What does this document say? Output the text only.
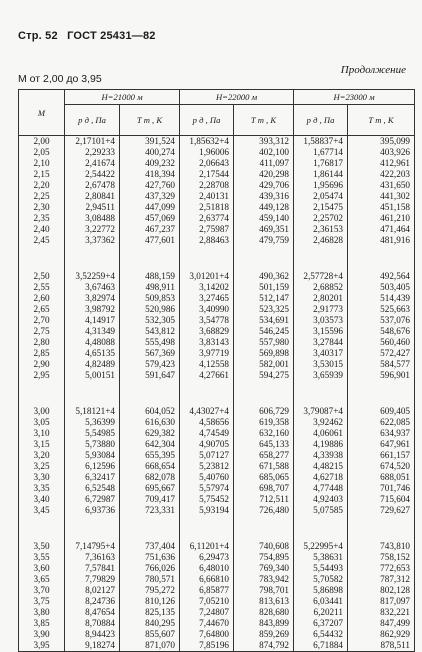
Стр. 52 ГОСТ 25431—82
Продолжение
М от 2,00 до 3,95
М	Н=21000 м		Н=22000 м		Н=23000 м	
	р д , Па	T т , К	р д , Па	T т , К	р д , Па	T т , К
2,00	2,17101+4	391,524	1,85632+4	393,312	1,58837+4	395,099
2,05	2,29233	400,274	1,96006	402,100	1,67714	403,926
2,10	2,41674	409,232	2,06643	411,097	1,76817	412,961
2,15	2,54422	418,394	2,17544	420,298	1,86144	422,203
2,20	2,67478	427,760	2,28708	429,706	1,95696	431,650
2,25	2,80841	437,329	2,40131	439,316	2,05474	441,302
2,30	2,94511	447,099	2,51818	449,128	2,15475	451,158
2,35	3,08488	457,069	2,63774	459,140	2,25702	461,210
2,40	3,22772	467,237	2,75987	469,351	2,36153	471,464
2,45	3,37362	477,601	2,88463	479,759	2,46828	481,916

2,50	3,52259+4	488,159	3,01201+4	490,362	2,57728+4	492,564
2,55	3,67463	498,911	3,14202	501,159	2,68852	503,405
2,60	3,82974	509,853	3,27465	512,147	2,80201	514,439
2,65	3,98792	520,986	3,40990	523,325	2,91773	525,663
2,70	4,14917	532,305	3,54778	534,691	3,03573	537,076
2,75	4,31349	543,812	3,68829	546,245	3,15596	548,676
2,80	4,48088	555,498	3,83143	557,980	3,27844	560,460
2,85	4,65135	567,369	3,97719	569,898	3,40317	572,427
2,90	4,82489	579,423	4,12558	582,001	3,53015	584,577
2,95	5,00151	591,647	4,27661	594,275	3,65939	596,901

3,00	5,18121+4	604,052	4,43027+4	606,729	3,79087+4	609,405
3,05	5,36399	616,630	4,58656	619,358	3,92462	622,085
3,10	5,54985	629,382	4,74549	632,160	4,06061	634,937
3,15	5,73880	642,304	4,90705	645,133	4,19886	647,961
3,20	5,93084	655,395	5,07127	658,277	4,33938	661,157
3,25	6,12596	668,654	5,23812	671,588	4,48215	674,520
3,30	6,32417	682,078	5,40760	685,065	4,62718	688,051
3,35	6,52548	695,667	5,57974	698,707	4,77448	701,746
3,40	6,72987	709,417	5,75452	712,511	4,92403	715,604
3,45	6,93736	723,331	5,93194	726,480	5,07585	729,627

3,50	7,14795+4	737,404	6,11201+4	740,608	5,22995+4	743,810
3,55	7,36163	751,636	6,29473	754,895	5,38631	758,152
3,60	7,57841	766,026	6,48010	769,340	5,54493	772,653
3,65	7,79829	780,571	6,66810	783,942	5,70582	787,312
3,70	8,02127	795,272	6,85877	798,701	5,86898	802,128
3,75	8,24736	810,126	7,05210	813,613	6,03441	817,097
3,80	8,47654	825,135	7,24807	828,680	6,20211	832,221
3,85	8,70884	840,295	7,44670	843,899	6,37207	847,499
3,90	8,94423	855,607	7,64800	859,269	6,54432	862,929
3,95	9,18274	871,070	7,85196	874,792	6,71884	878,511
